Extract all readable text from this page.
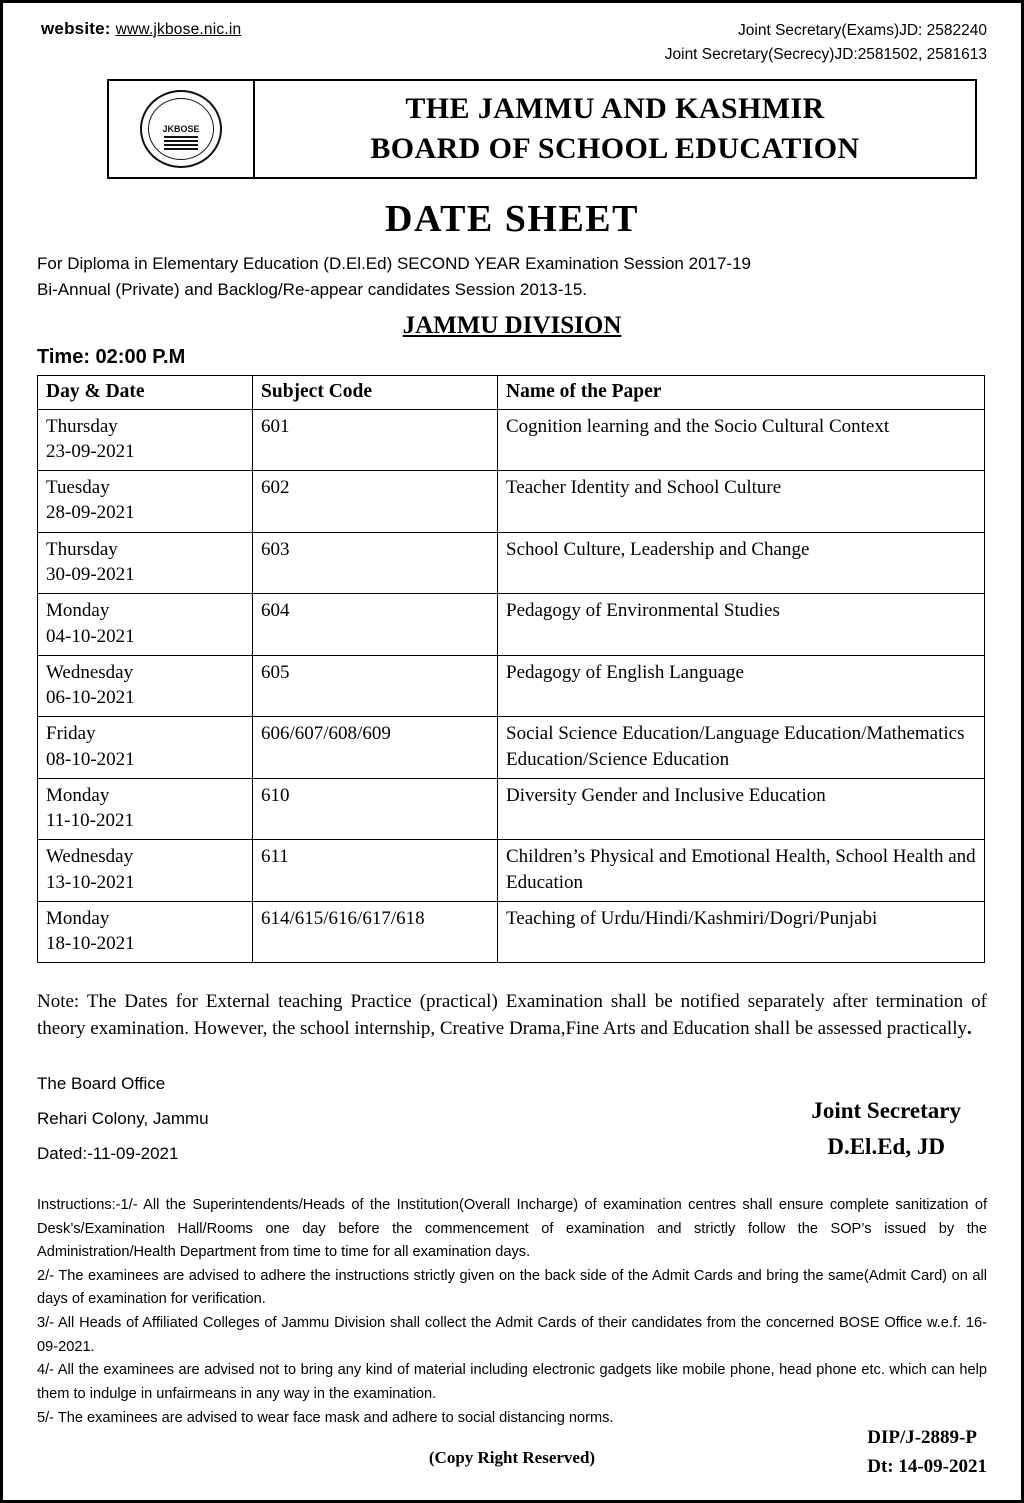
website: www.jkbose.nic.in	Joint Secretary(Exams)JD: 2582240
Joint Secretary(Secrecy)JD:2581502, 2581613
JKBOSE
THE JAMMU AND KASHMIR
BOARD OF SCHOOL EDUCATION
DATE SHEET
For Diploma in Elementary Education (D.El.Ed) SECOND YEAR Examination Session 2017-19
Bi-Annual (Private) and Backlog/Re-appear candidates Session 2013-15.
JAMMU DIVISION
Time: 02:00 P.M
Day & Date	Subject Code	Name of the Paper
Thursday
23-09-2021	601	Cognition learning and the Socio Cultural Context
Tuesday
28-09-2021	602	Teacher Identity and School Culture
Thursday
30-09-2021	603	School Culture, Leadership and Change
Monday
04-10-2021	604	Pedagogy of Environmental Studies
Wednesday
06-10-2021	605	Pedagogy of English Language
Friday
08-10-2021	606/607/608/609	Social Science Education/Language Education/Mathematics Education/Science Education
Monday
11-10-2021	610	Diversity Gender and Inclusive Education
Wednesday
13-10-2021	611	Children’s Physical and Emotional Health, School Health and Education
Monday
18-10-2021	614/615/616/617/618	Teaching of Urdu/Hindi/Kashmiri/Dogri/Punjabi
Note: The Dates for External teaching Practice (practical) Examination shall be notified separately after termination of theory examination. However, the school internship, Creative Drama,Fine Arts and Education shall be assessed practically.
The Board Office
Rehari Colony, Jammu
Dated:-11-09-2021
Joint Secretary
D.El.Ed, JD

Instructions:-1/- All the Superintendents/Heads of the Institution(Overall Incharge) of examination centres shall ensure complete sanitization of Desk’s/Examination Hall/Rooms one day before the commencement of examination and strictly follow the SOP’s issued by the Administration/Health Department from time to time for all examination days.

2/- The examinees are advised to adhere the instructions strictly given on the back side of the Admit Cards and bring the same(Admit Card) on all days of examination for verification.

3/- All Heads of Affiliated Colleges of Jammu Division shall collect the Admit Cards of their candidates from the concerned BOSE Office w.e.f. 16-09-2021.

4/- All the examinees are advised not to bring any kind of material including electronic gadgets like mobile phone, head phone etc. which can help them to indulge in unfairmeans in any way in the examination.

5/- The examinees are advised to wear face mask and adhere to social distancing norms.

(Copy Right Reserved)
DIP/J-2889-P
Dt: 14-09-2021
